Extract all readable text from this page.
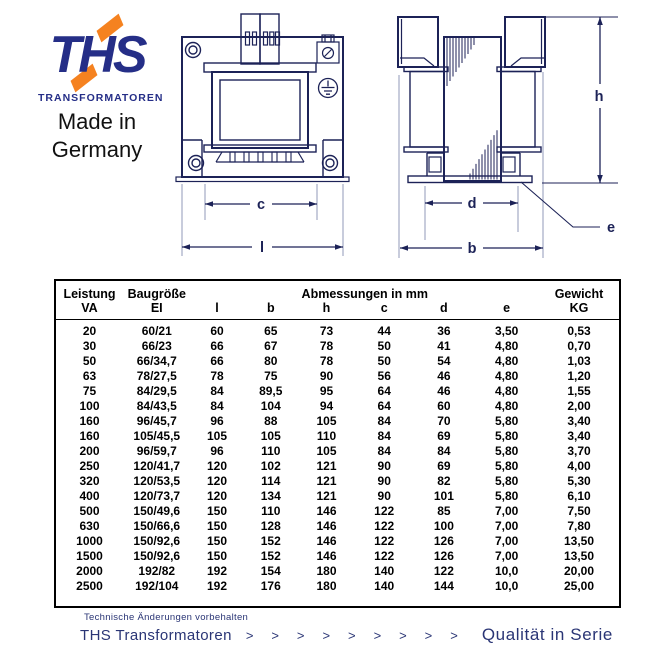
THS
TRANSFORMATOREN
Made in
Germany
c
l
d
b
h
e
Leistung	Baugröße	Abmessungen in mm						Gewicht
VA	EI	l	b	h	c	d	e	KG
20	60/21	60	65	73	44	36	3,50	0,53
30	66/23	66	67	78	50	41	4,80	0,70
50	66/34,7	66	80	78	50	54	4,80	1,03
63	78/27,5	78	75	90	56	46	4,80	1,20
75	84/29,5	84	89,5	95	64	46	4,80	1,55
100	84/43,5	84	104	94	64	60	4,80	2,00
160	96/45,7	96	88	105	84	70	5,80	3,40
160	105/45,5	105	105	110	84	69	5,80	3,40
200	96/59,7	96	110	105	84	84	5,80	3,70
250	120/41,7	120	102	121	90	69	5,80	4,00
320	120/53,5	120	114	121	90	82	5,80	5,30
400	120/73,7	120	134	121	90	101	5,80	6,10
500	150/49,6	150	110	146	122	85	7,00	7,50
630	150/66,6	150	128	146	122	100	7,00	7,80
1000	150/92,6	150	152	146	122	126	7,00	13,50
1500	150/92,6	150	152	146	122	126	7,00	13,50
2000	192/82	192	154	180	140	122	10,0	20,00
2500	192/104	192	176	180	140	144	10,0	25,00
Technische Änderungen vorbehalten
THS Transformatoren > > > > > > > > > Qualität in Serie
